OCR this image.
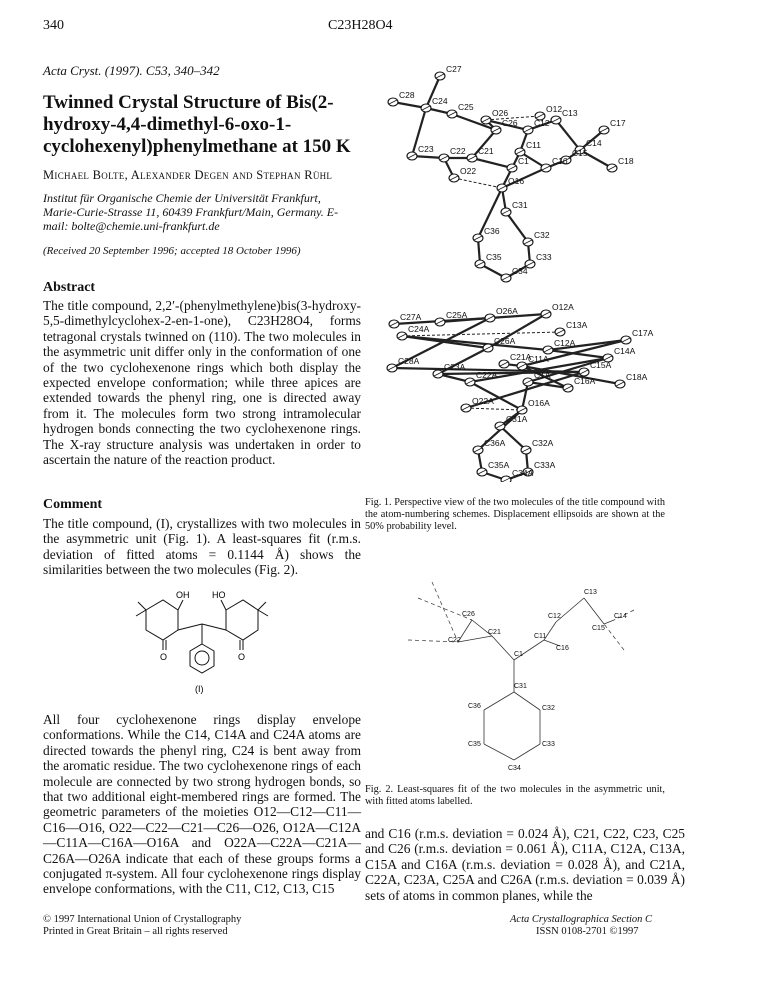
340	C23H28O4
Acta Cryst. (1997). C53, 340–342
Twinned Crystal Structure of Bis(2-hydroxy-4,4-dimethyl-6-oxo-1-cyclohexenyl)phenylmethane at 150 K
Michael Bolte, Alexander Degen and Stephan Rühl
Institut für Organische Chemie der Universität Frankfurt, Marie-Curie-Strasse 11, 60439 Frankfurt/Main, Germany. E-mail: bolte@chemie.uni-frankfurt.de
(Received 20 September 1996; accepted 18 October 1996)
Abstract
The title compound, 2,2′-(phenylmethylene)bis(3-hydroxy-5,5-dimethylcyclohex-2-en-1-one), C23H28O4, forms tetragonal crystals twinned on (110). The two molecules in the asymmetric unit differ only in the conformation of one of the two cyclohexenone rings which both display the expected envelope conformation; while three apices are extended towards the phenyl ring, one is directed away from it. The molecules form two strong intramolecular hydrogen bonds connecting the two cyclohexenone rings. The X-ray structure analysis was undertaken in order to ascertain the nature of the reaction product.
Comment
The title compound, (I), crystallizes with two molecules in the asymmetric unit (Fig. 1). A least-squares fit (r.m.s. deviation of fitted atoms = 0.1144 Å) shows the similarities between the two molecules (Fig. 2).
OH	HO
O	O
(I)
All four cyclohexenone rings display envelope conformations. While the C14, C14A and C24A atoms are directed towards the phenyl ring, C24 is bent away from the aromatic residue. The two cyclohexenone rings of each molecule are connected by two strong hydrogen bonds, so that two additional eight-membered rings are formed. The geometric parameters of the moieties O12—C12—C11—C16—O16, O22—C22—C21—C26—O26, O12A—C12A—C11A—C16A—O16A and O22A—C22A—C21A—C26A—O26A indicate that each of these groups forms a conjugated π-system. All four cyclohexenone rings display envelope conformations, with the C11, C12, C13, C15
C27
C28
C24
C25
O26	O12 C13
C26 C12	C17
C14
C11
C23 C22 C21
C1	C16
C15
C18
O22
O16
C31
C36	C32
C35	C33
C34
C27A	C25A	O26A	O12A
C24A	C13A
C17A
C26A	C12A
C21A
C11A
C14A
C28A	C15A
C23A
C22A	C1A
C16A	C18A
O22A	O16A
C31A
C36A	C32A
C35A	C33A
C34A
Fig. 1. Perspective view of the two molecules of the title compound with the atom-numbering schemes. Displacement ellipsoids are shown at the 50% probability level.
C13
C26	C12
C15
C14
C21
C11
C22
C16
C1
C31
C36	C32
C35	C33
C34
Fig. 2. Least-squares fit of the two molecules in the asymmetric unit, with fitted atoms labelled.
and C16 (r.m.s. deviation = 0.024 Å), C21, C22, C23, C25 and C26 (r.m.s. deviation = 0.061 Å), C11A, C12A, C13A, C15A and C16A (r.m.s. deviation = 0.028 Å), and C21A, C22A, C23A, C25A and C26A (r.m.s. deviation = 0.039 Å) sets of atoms in common planes, while the
© 1997 International Union of Crystallography
Printed in Great Britain – all rights reserved
Acta Crystallographica Section C
ISSN 0108-2701 ©1997
